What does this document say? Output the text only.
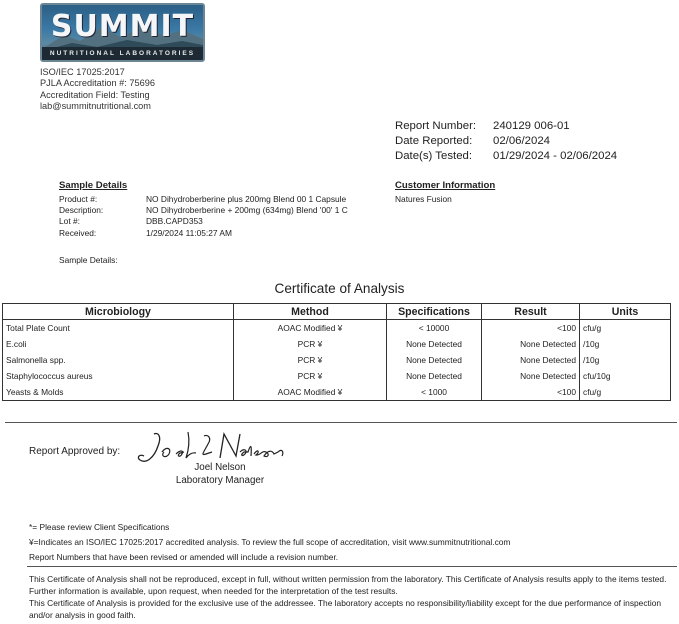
SUMMIT
NUTRITIONAL LABORATORIES
ISO/IEC 17025:2017
PJLA Accreditation #: 75696
Accreditation Field: Testing
lab@summitnutritional.com
Report Number:	240129 006-01
Date Reported:	02/06/2024
Date(s) Tested:	01/29/2024 - 02/06/2024
Sample Details
Product #:	NO Dihydroberberine plus 200mg Blend 00 1 Capsule
Description:	NO Dihydroberberine + 200mg (634mg) Blend '00' 1 C
Lot #:	DBB.CAPD353
Received:	1/29/2024 11:05:27 AM
Customer Information
Natures Fusion
Sample Details:
Certificate of Analysis
Microbiology	Method	Specifications	Result	Units
Total Plate Count	AOAC Modified ¥	< 10000	<100	cfu/g
E.coli	PCR ¥	None Detected	None Detected	/10g
Salmonella spp.	PCR ¥	None Detected	None Detected	/10g
Staphylococcus aureus	PCR ¥	None Detected	None Detected	cfu/10g
Yeasts & Molds	AOAC Modified ¥	< 1000	<100	cfu/g
Report Approved by:
Joel Nelson
Laboratory Manager
*= Please review Client Specifications
¥=Indicates an ISO/IEC 17025:2017 accredited analysis. To review the full scope of accreditation, visit www.summitnutritional.com
Report Numbers that have been revised or amended will include a revision number.
This Certificate of Analysis shall not be reproduced, except in full, without written permission from the laboratory. This Certificate of Analysis results apply to the items tested. Further information is available, upon request, when needed for the interpretation of the test results.
This Certificate of Analysis is provided for the exclusive use of the addressee. The laboratory accepts no responsibility/liability except for the due performance of inspection and/or analysis in good faith.
